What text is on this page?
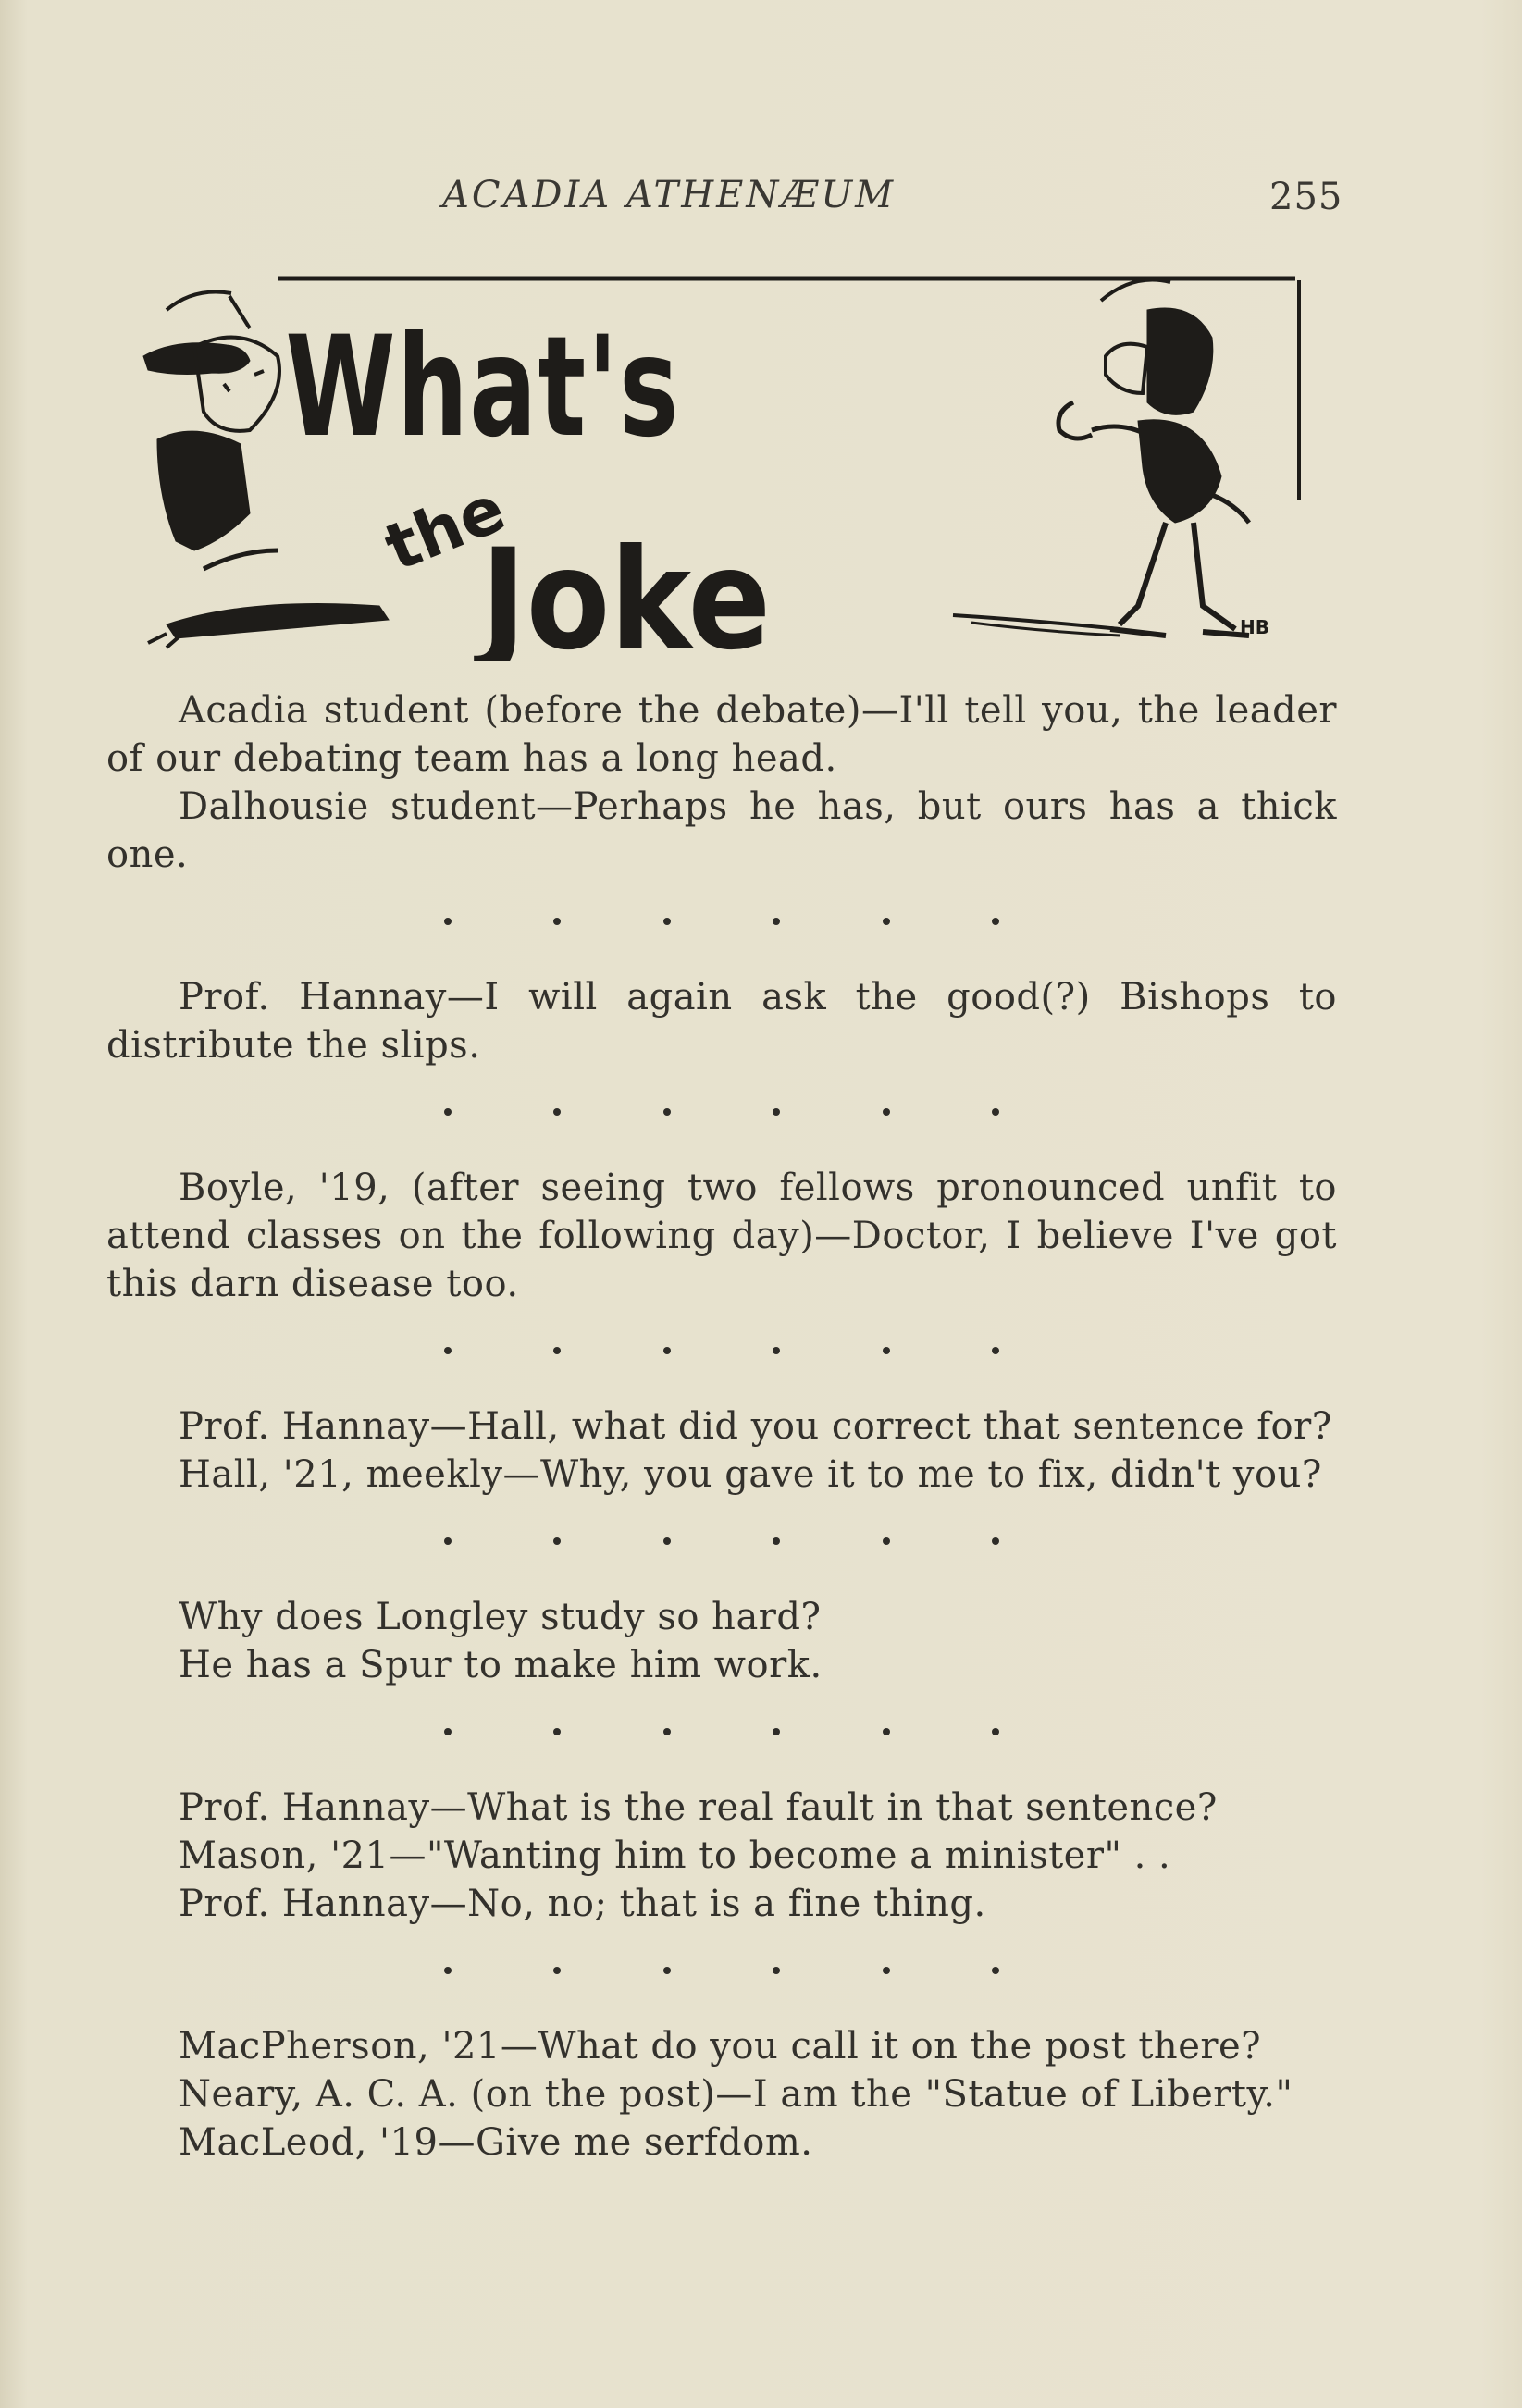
ACADIA ATHENÆUM	255
What's
the
Joke	HB

Acadia student (before the debate)—I'll tell you, the leader of our debating team has a long head.

Dalhousie student—Perhaps he has, but ours has a thick one.

Prof. Hannay—I will again ask the good(?) Bishops to distribute the slips.

Boyle, '19, (after seeing two fellows pronounced unfit to attend classes on the following day)—Doctor, I believe I've got this darn disease too.

Prof. Hannay—Hall, what did you correct that sentence for?

Hall, '21, meekly—Why, you gave it to me to fix, didn't you?

Why does Longley study so hard?

He has a Spur to make him work.

Prof. Hannay—What is the real fault in that sentence?

Mason, '21—"Wanting him to become a minister" . .

Prof. Hannay—No, no; that is a fine thing.

MacPherson, '21—What do you call it on the post there?

Neary, A. C. A. (on the post)—I am the "Statue of Liberty."

MacLeod, '19—Give me serfdom.
